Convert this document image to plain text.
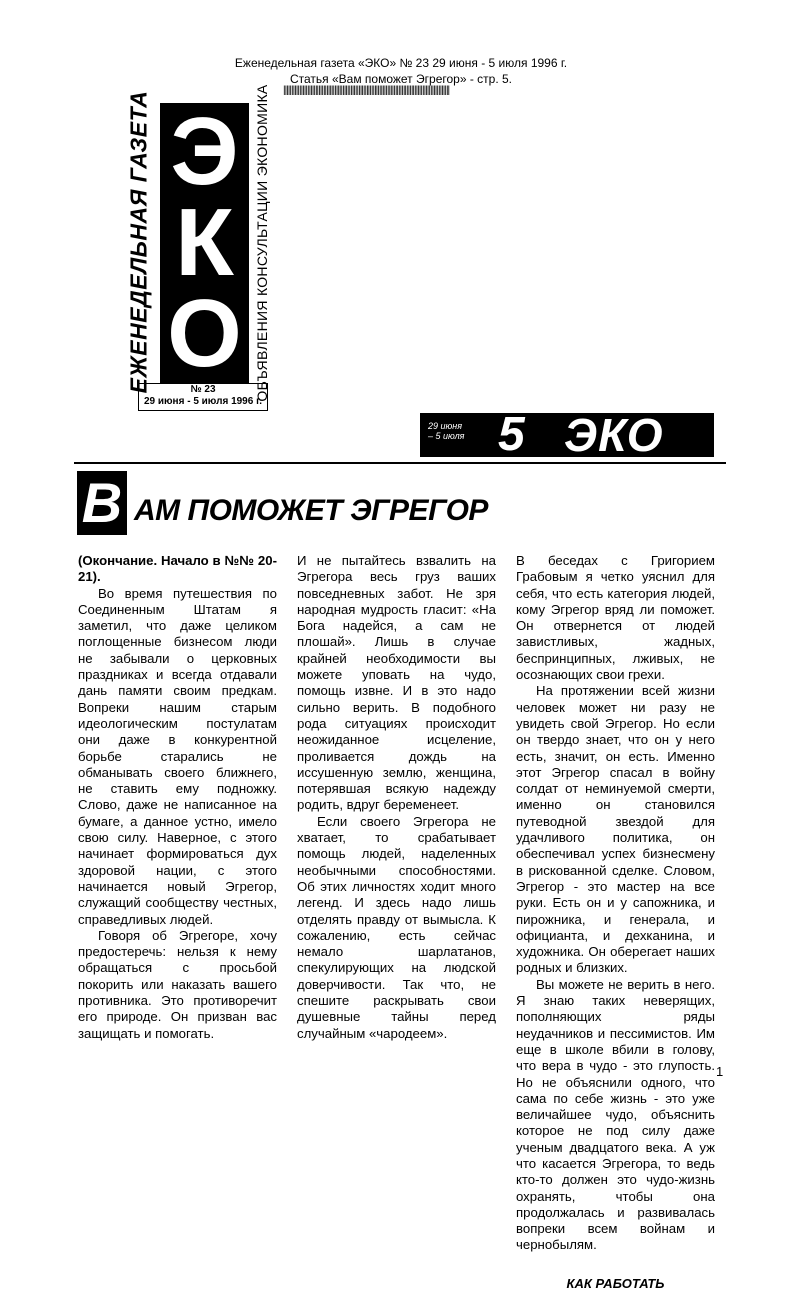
Еженедельная газета «ЭКО» № 23 29 июня - 5 июля 1996 г.
Статья «Вам поможет Эгрегор» - стр. 5.
||||||||||||||||||||||||||||||||||||||||||||||||||||||||||||||||||||||||||||||||||||||||||||||||||||||||
ЕЖЕНЕДЕЛЬНАЯ ГАЗЕТА Э
К
О ОБЪЯВЛЕНИЯ КОНСУЛЬТАЦИИ ЭКОНОМИКА
№ 23
29 июня - 5 июля 1996 г.
29 июня
– 5 июля 5 ЭКО
В АМ ПОМОЖЕТ ЭГРЕГОР

(Окончание. Начало в №№ 20-21).

Во время путешествия по Соединенным Штатам я заметил, что даже целиком поглощенные бизнесом люди не забывали о церковных праздниках и всегда отдавали дань памяти своим предкам. Вопреки нашим старым идеологическим постулатам они даже в конкурентной борьбе старались не обманывать своего ближнего, не ставить ему подножку. Слово, даже не написанное на бумаге, а данное устно, имело свою силу. Наверное, с этого начинает формироваться дух здоровой нации, с этого начинается новый Эгрегор, служащий сообществу честных, справедливых людей.

Говоря об Эгрегоре, хочу предостеречь: нельзя к нему обращаться с просьбой покорить или наказать вашего противника. Это противоречит его природе. Он призван вас защищать и помогать.

И не пытайтесь взвалить на Эгрегора весь груз ваших повседневных забот. Не зря народная мудрость гласит: «На Бога надейся, а сам не плошай». Лишь в случае крайней необходимости вы можете уповать на чудо, помощь извне. И в это надо сильно верить. В подобного рода ситуациях происходит неожиданное исцеление, проливается дождь на иссушенную землю, женщина, потерявшая всякую надежду родить, вдруг беременеет.

Если своего Эгрегора не хватает, то срабатывает помощь людей, наделенных необычными способностями. Об этих личностях ходит много легенд. И здесь надо лишь отделять правду от вымысла. К сожалению, есть сейчас немало шарлатанов, спекулирующих на людской доверчивости. Так что, не спешите раскрывать свои душевные тайны перед случайным «чародеем».

В беседах с Григорием Грабовым я четко уяснил для себя, что есть категория людей, кому Эгрегор вряд ли поможет. Он отвернется от людей завистливых, жадных, беспринципных, лживых, не осознающих свои грехи.

На протяжении всей жизни человек может ни разу не увидеть свой Эгрегор. Но если он твердо знает, что он у него есть, значит, он есть. Именно этот Эгрегор спасал в войну солдат от неминуемой смерти, именно он становился путеводной звездой для удачливого политика, он обеспечивал успех бизнесмену в рискованной сделке. Словом, Эгрегор - это мастер на все руки. Есть он и у сапожника, и пирожника, и генерала, и официанта, и дехканина, и художника. Он оберегает наших родных и близких.

Вы можете не верить в него. Я знаю таких неверящих, пополняющих ряды неудачников и пессимистов. Им еще в школе вбили в голову, что вера в чудо - это глупость. Но не объяснили одного, что сама по себе жизнь - это уже величайшее чудо, объяснить которое не под силу даже ученым двадцатого века. А уж что касается Эгрегора, то ведь кто-то должен это чудо-жизнь охранять, чтобы она продолжалась и развивалась вопреки всем войнам и чернобылям.

КАК РАБОТАТЬ

1
